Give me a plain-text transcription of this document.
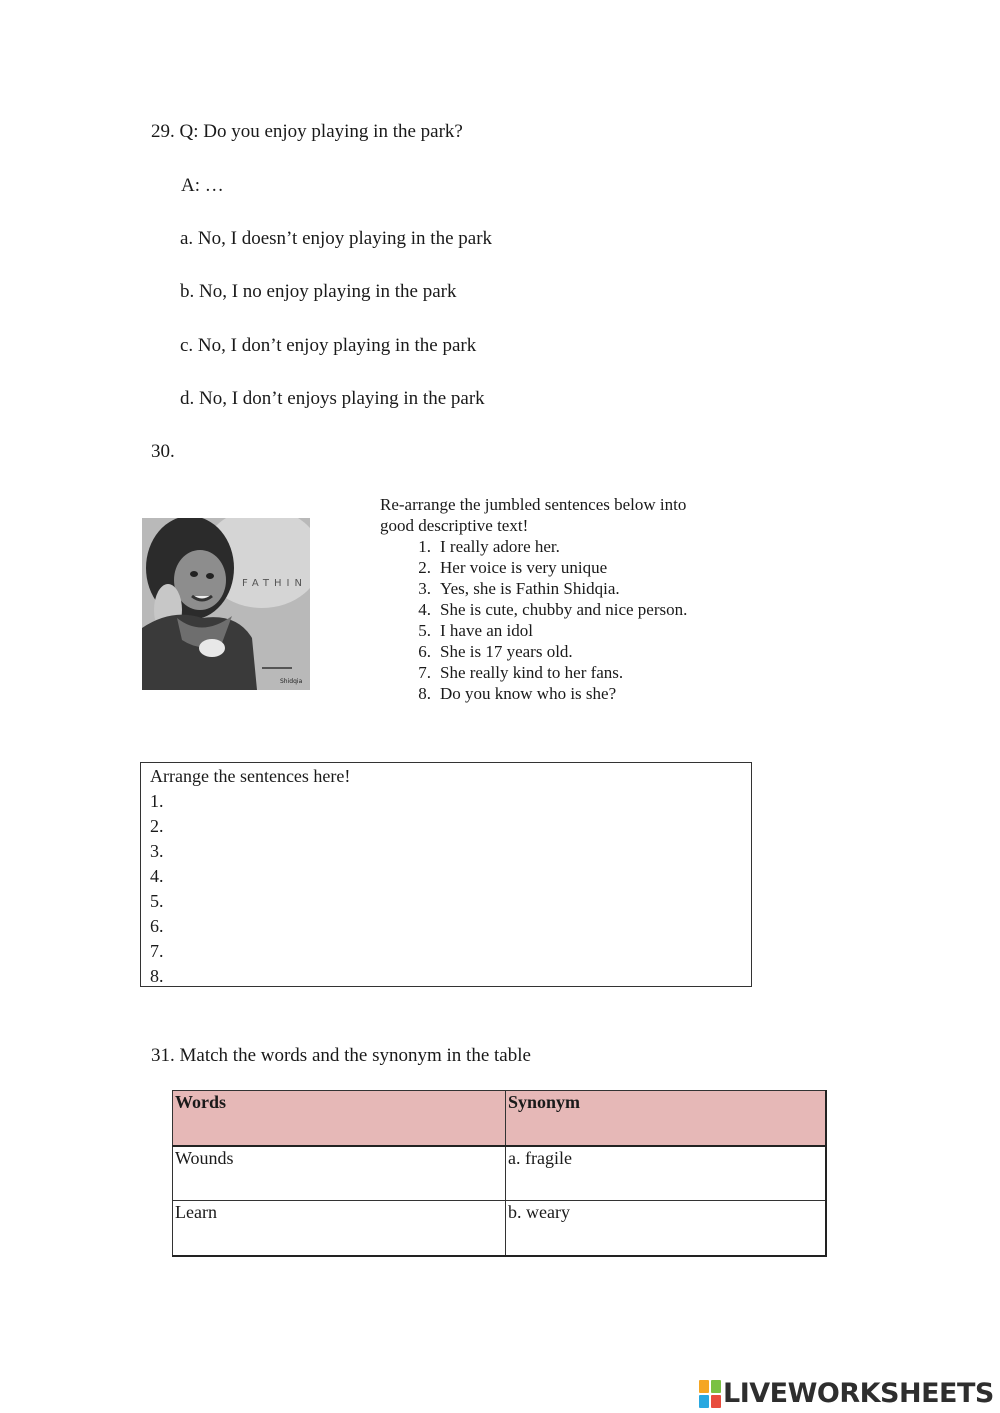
29. Q: Do you enjoy playing in the park?
A: …
a. No, I doesn’t enjoy playing in the park
b. No, I no enjoy playing in the park
c. No, I don’t enjoy playing in the park
d. No, I don’t enjoys playing in the park
30.
FATHIN
Shidqia

Re-arrange the jumbled sentences below into

good descriptive text!

1. I really adore her.
2. Her voice is very unique
3. Yes, she is Fathin Shidqia.
4. She is cute, chubby and nice person.
5. I have an idol
6. She is 17 years old.
7. She really kind to her fans.
8. Do you know who is she?
Arrange the sentences here!
1.
2.
3.
4.
5.
6.
7.
8.
31. Match the words and the synonym in the table
Words	Synonym
Wounds	a. fragile
Learn	b. weary
LIVEWORKSHEETS
